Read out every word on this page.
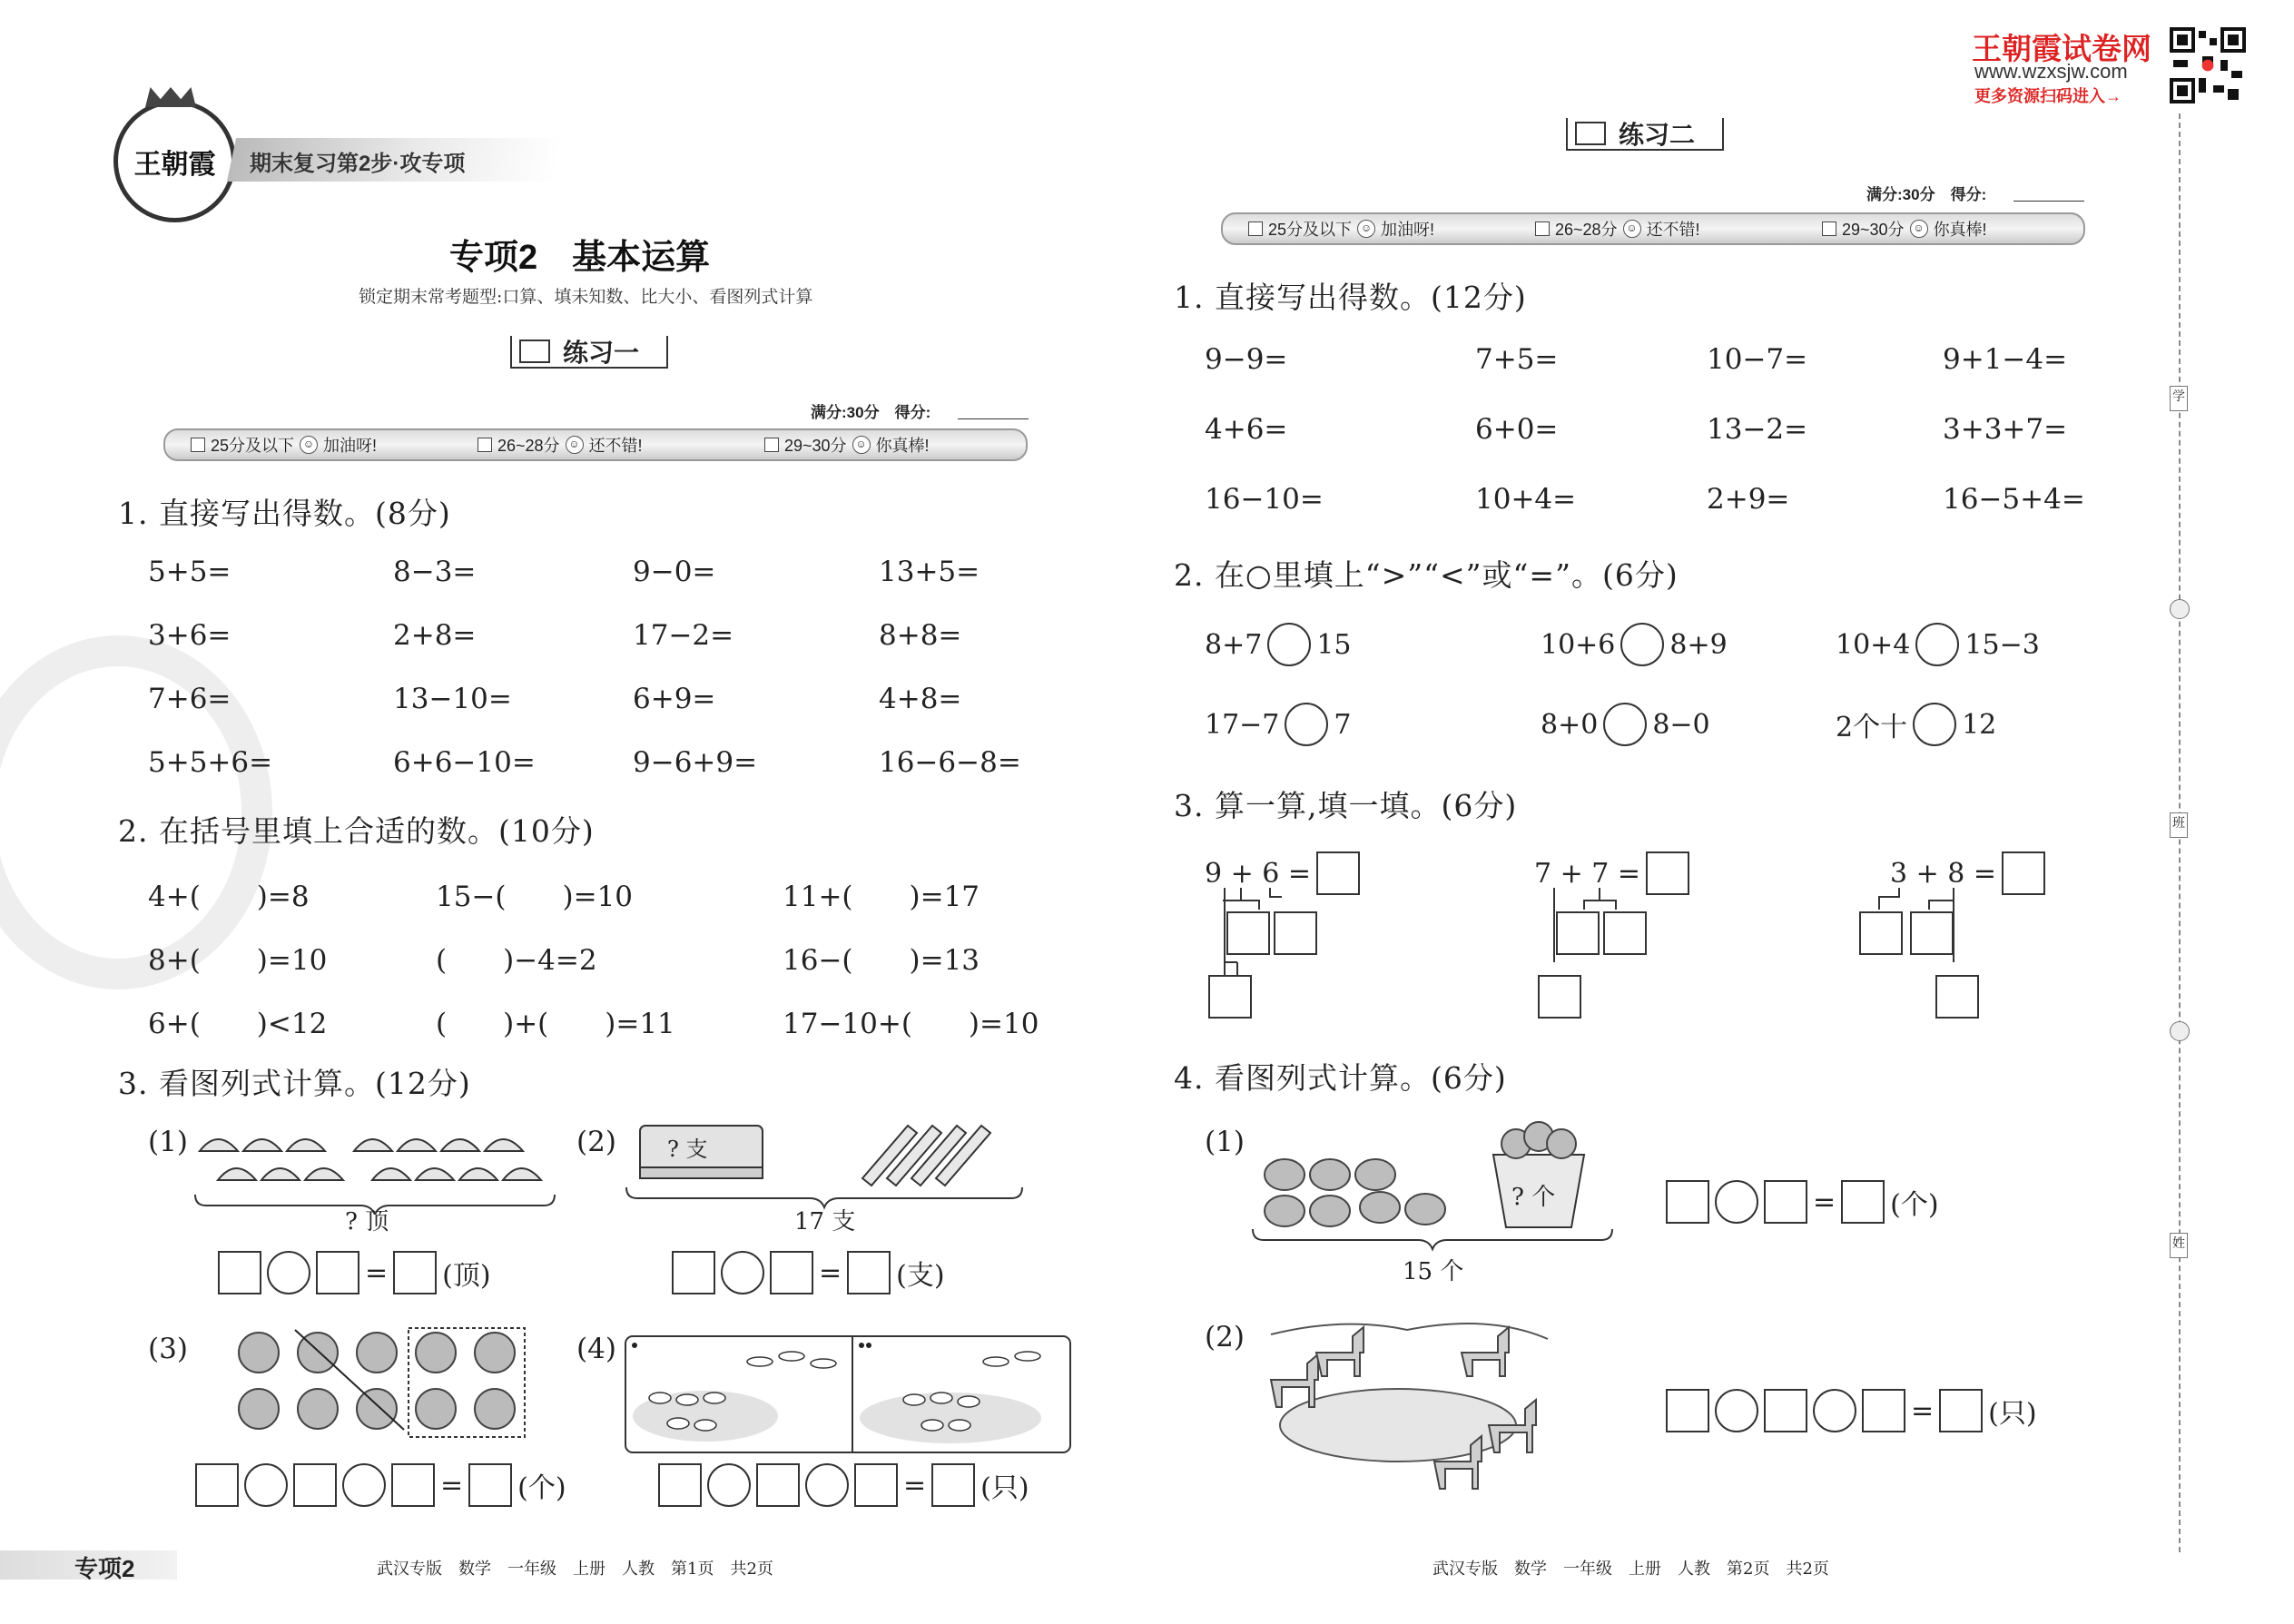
王朝霞 期末复习第2步·攻专项
专项2　基本运算
锁定期末常考题型:口算、填未知数、比大小、看图列式计算
练习一
满分:30分　得分:
25分及以下 ☺ 加油呀!	26~28分 ☺ 还不错!	29~30分 ☺ 你真棒!
1. 直接写出得数。(8分)
5+5=	8−3=	9−0=	13+5=
3+6=	2+8=	17−2=	8+8=
7+6=	13−10=	6+9=	4+8=
5+5+6=	6+6−10=	9−6+9=	16−6−8=
2. 在括号里填上合适的数。(10分)
4+(　　)=8	15−(　　)=10	11+(　　)=17
8+(　　)=10	(　　)−4=2	16−(　　)=13
6+(　　)<12	(　　)+(　　)=11	17−10+(　　)=10
3. 看图列式计算。(12分)
(1)
? 顶
= (顶)
(2) ? 支
17 支
= (支)
(3)
= (个)
(4)
= (只)
专项2	武汉专版　数学　一年级　上册　人教　第1页　共2页
王朝霞试卷网
www.wzxsjw.com
更多资源扫码进入→
学
班
姓
练习二
满分:30分　得分:
25分及以下 ☺ 加油呀!	26~28分 ☺ 还不错!	29~30分 ☺ 你真棒!
1. 直接写出得数。(12分)
9−9=	7+5=	10−7=	9+1−4=
4+6=	6+0=	13−2=	3+3+7=
16−10=	10+4=	2+9=	16−5+4=
2. 在○里填上“>”“<”或“=”。(6分)
8+7 15	10+6 8+9	10+4 15−3
17−7 7	8+0 8−0	2个十 12
3. 算一算,填一填。(6分)
9 + 6 =	7 + 7 =	3 + 8 =
4. 看图列式计算。(6分)
(1)
? 个
15 个
= (个)
(2)
= (只)
武汉专版　数学　一年级　上册　人教　第2页　共2页
